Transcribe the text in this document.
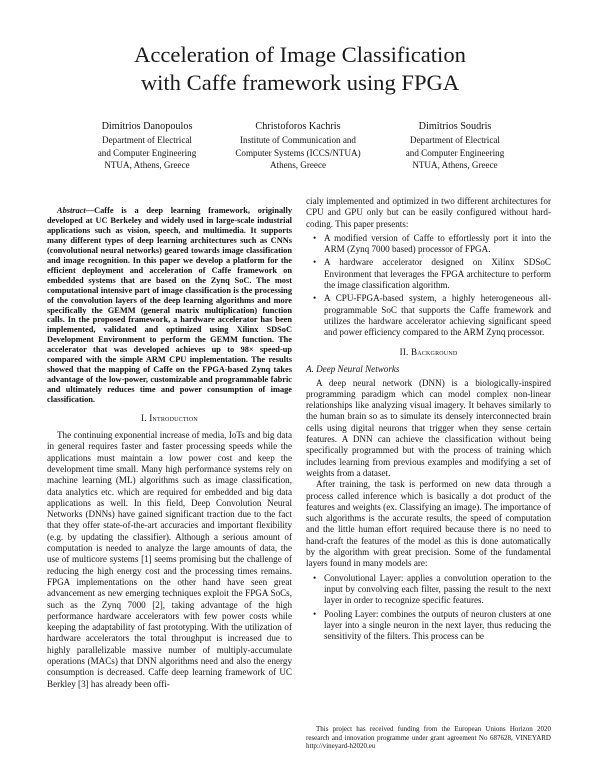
Acceleration of Image Classification
with Caffe framework using FPGA
Dimitrios Danopoulos
Department of Electrical
and Computer Engineering
NTUA, Athens, Greece
Christoforos Kachris
Institute of Communication and
Computer Systems (ICCS/NTUA)
Athens, Greece
Dimitrios Soudris
Department of Electrical
and Computer Engineering
NTUA, Athens, Greece

Abstract—Caffe is a deep learning framework, originally developed at UC Berkeley and widely used in large-scale industrial applications such as vision, speech, and multimedia. It supports many different types of deep learning architectures such as CNNs (convolutional neural networks) geared towards image classification and image recognition. In this paper we develop a platform for the efficient deployment and acceleration of Caffe framework on embedded systems that are based on the Zynq SoC. The most computational intensive part of image classification is the processing of the convolution layers of the deep learning algorithms and more specifically the GEMM (general matrix multiplication) function calls. In the proposed framework, a hardware accelerator has been implemented, validated and optimized using Xilinx SDSoC Development Environment to perform the GEMM function. The accelerator that was developed achieves up to 98× speed-up compared with the simple ARM CPU implementation. The results showed that the mapping of Caffe on the FPGA-based Zynq takes advantage of the low-power, customizable and programmable fabric and ultimately reduces time and power consumption of image classification.

I. Introduction

The continuing exponential increase of media, IoTs and big data in general requires faster and faster processing speeds while the applications must maintain a low power cost and keep the development time small. Many high performance systems rely on machine learning (ML) algorithms such as image classification, data analytics etc. which are required for embedded and big data applications as well. In this field, Deep Convolution Neural Networks (DNNs) have gained significant traction due to the fact that they offer state-of-the-art accuracies and important flexibility (e.g. by updating the classifier). Although a serious amount of computation is needed to analyze the large amounts of data, the use of multicore systems [1] seems promising but the challenge of reducing the high energy cost and the processing times remains. FPGA implementations on the other hand have seen great advancement as new emerging techniques exploit the FPGA SoCs, such as the Zynq 7000 [2], taking advantage of the high performance hardware accelerators with few power costs while keeping the adaptability of fast prototyping. With the utilization of hardware accelerators the total throughput is increased due to highly parallelizable massive number of multiply-accumulate operations (MACs) that DNN algorithms need and also the energy consumption is decreased. Caffe deep learning framework of UC Berkley [3] has already been offi-

cialy implemented and optimized in two different architectures for CPU and GPU only but can be easily configured without hard-coding. This paper presents:

• A modified version of Caffe to effortlessly port it into the ARM (Zynq 7000 based) processor of FPGA.
• A hardware accelerator designed on Xilinx SDSoC Environment that leverages the FPGA architecture to perform the image classification algorithm.
• A CPU-FPGA-based system, a highly heterogeneous all-programmable SoC that supports the Caffe framework and utilizes the hardware accelerator achieving significant speed and power efficiency compared to the ARM Zynq processor.
II. Background
A. Deep Neural Networks

A deep neural network (DNN) is a biologically-inspired programming paradigm which can model complex non-linear relationships like analyzing visual imagery. It behaves similarly to the human brain so as to simulate its densely interconnected brain cells using digital neurons that trigger when they sense certain features. A DNN can achieve the classification without being specifically programmed but with the process of training which includes learning from previous examples and modifying a set of weights from a dataset.

After training, the task is performed on new data through a process called inference which is basically a dot product of the features and weights (ex. Classifying an image). The importance of such algorithms is the accurate results, the speed of computation and the little human effort required because there is no need to hand-craft the features of the model as this is done automatically by the algorithm with great precision. Some of the fundamental layers found in many models are:

• Convolutional Layer: applies a convolution operation to the input by convolving each filter, passing the result to the next layer in order to recognize specific features.
• Pooling Layer: combines the outputs of neuron clusters at one layer into a single neuron in the next layer, thus reducing the sensitivity of the filters. This process can be
This project has received funding from the European Unions Horizon 2020 research and innovation programme under grant agreement No 687628, VINEYARD http://vineyard-h2020.eu
